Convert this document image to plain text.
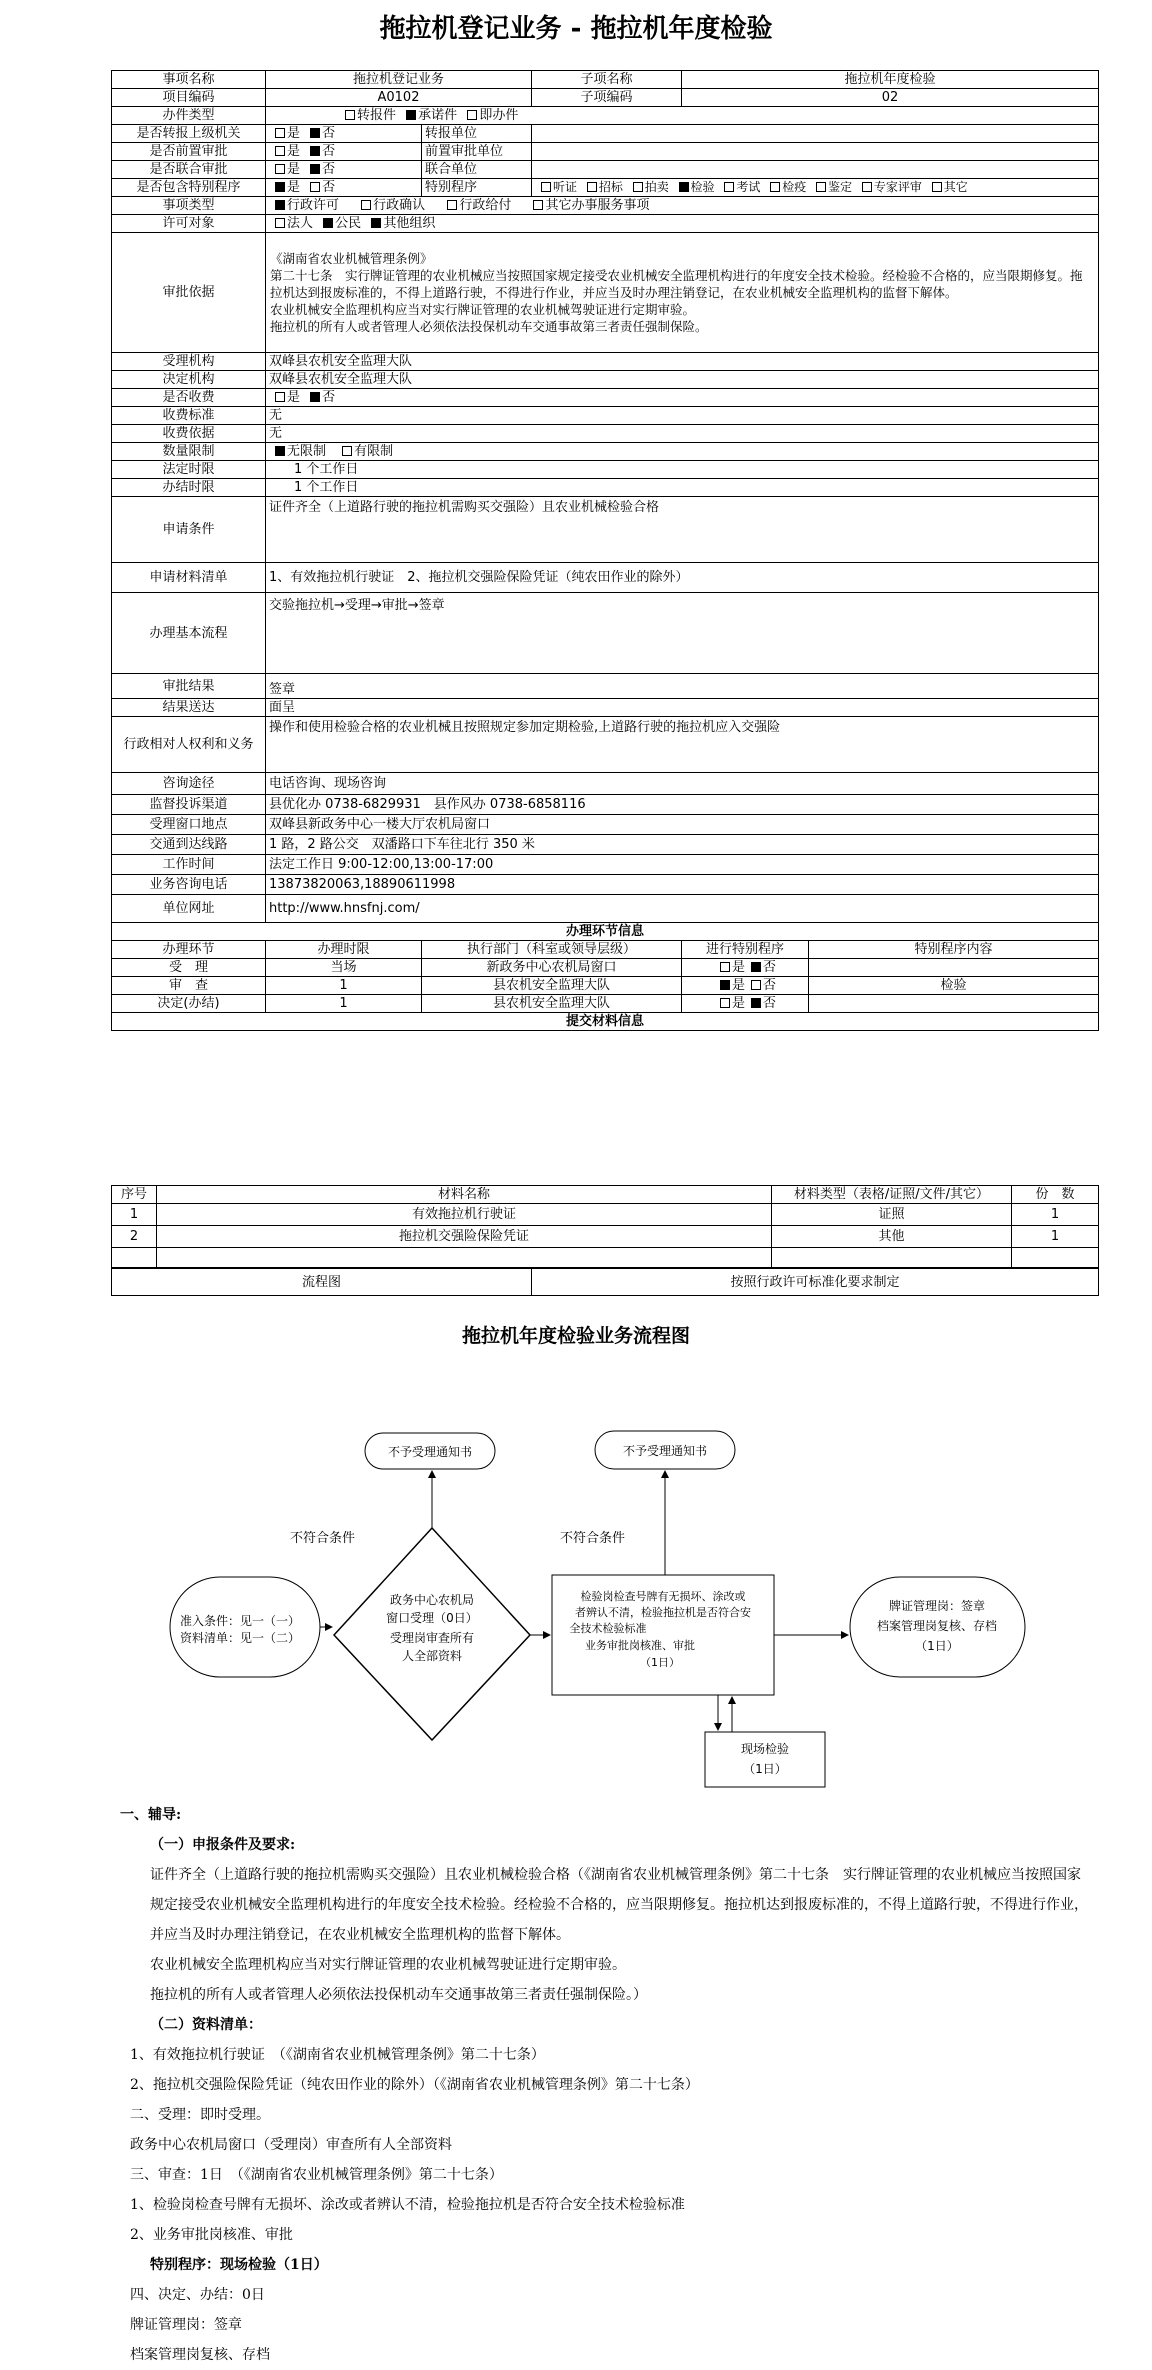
拖拉机登记业务 - 拖拉机年度检验
事项名称	拖拉机登记业务		子项名称	拖拉机年度检验	
项目编码	A0102		子项编码	02	
办件类型	转报件 承诺件 即办件				
是否转报上级机关	是 否	转报单位			
是否前置审批	是 否	前置审批单位			
是否联合审批	是 否	联合单位			
是否包含特别程序	是 否	特别程序	听证 招标 拍卖 检验 考试 检疫 鉴定 专家评审 其它		
事项类型	行政许可 行政确认 行政给付 其它办事服务事项				
许可对象	法人 公民 其他组织				
审批依据	《湖南省农业机械管理条例》
第二十七条　实行牌证管理的农业机械应当按照国家规定接受农业机械安全监理机构进行的年度安全技术检验。经检验不合格的，应当限期修复。拖拉机达到报废标准的，不得上道路行驶，不得进行作业，并应当及时办理注销登记，在农业机械安全监理机构的监督下解体。
农业机械安全监理机构应当对实行牌证管理的农业机械驾驶证进行定期审验。
拖拉机的所有人或者管理人必须依法投保机动车交通事故第三者责任强制保险。				

受理机构	双峰县农机安全监理大队				
决定机构	双峰县农机安全监理大队				
是否收费	是 否				
收费标准	无				
收费依据	无				
数量限制	无限制 有限制				
法定时限	1 个工作日				
办结时限	1 个工作日				
申请条件	证件齐全（上道路行驶的拖拉机需购买交强险）且农业机械检验合格				
申请材料清单	1、有效拖拉机行驶证　2、拖拉机交强险保险凭证（纯农田作业的除外）				
办理基本流程	交验拖拉机→受理→审批→签章				
审批结果	签章				
结果送达	面呈				
行政相对人权利和义务	操作和使用检验合格的农业机械且按照规定参加定期检验,上道路行驶的拖拉机应入交强险				
咨询途径	电话咨询、现场咨询				
监督投诉渠道	县优化办 0738-6829931　县作风办 0738-6858116				
受理窗口地点	双峰县新政务中心一楼大厅农机局窗口				
交通到达线路	1 路，2 路公交　双潘路口下车往北行 350 米				
工作时间	法定工作日 9:00-12:00,13:00-17:00				
业务咨询电话	13873820063,18890611998				
单位网址	http://www.hnsfnj.com/				
办理环节信息					
办理环节	办理时限	执行部门（科室或领导层级）		进行特别程序	特别程序内容
受　理	当场	新政务中心农机局窗口		是 否	
审　查	1	县农机安全监理大队		是 否	检验
决定(办结)	1	县农机安全监理大队		是 否	
提交材料信息					
序号	材料名称	材料类型（表格/证照/文件/其它）	份　数
1	有效拖拉机行驶证	证照	1
2	拖拉机交强险保险凭证	其他	1

流程图	按照行政许可标准化要求制定
拖拉机年度检验业务流程图
不予受理通知书	不予受理通知书
不符合条件	不符合条件
准入条件：见一（一）
资料清单：见一（二）
政务中心农机局
窗口受理（0日）
受理岗审查所有
人全部资料
检验岗检查号牌有无损坏、涂改或
者辨认不清，检验拖拉机是否符合安
全技术检验标准
业务审批岗核准、审批
（1日）
牌证管理岗：签章
档案管理岗复核、存档
（1日）
现场检验
（1日）

一、辅导:

（一）申报条件及要求:

证件齐全（上道路行驶的拖拉机需购买交强险）且农业机械检验合格（《湖南省农业机械管理条例》第二十七条　实行牌证管理的农业机械应当按照国家规定接受农业机械安全监理机构进行的年度安全技术检验。经检验不合格的，应当限期修复。拖拉机达到报废标准的，不得上道路行驶，不得进行作业，并应当及时办理注销登记，在农业机械安全监理机构的监督下解体。

农业机械安全监理机构应当对实行牌证管理的农业机械驾驶证进行定期审验。

拖拉机的所有人或者管理人必须依法投保机动车交通事故第三者责任强制保险。）

（二）资料清单：

1、有效拖拉机行驶证　（《湖南省农业机械管理条例》第二十七条）

2、拖拉机交强险保险凭证（纯农田作业的除外）（《湖南省农业机械管理条例》第二十七条）

二、受理：即时受理。

政务中心农机局窗口（受理岗）审查所有人全部资料

三、审查：1日　（《湖南省农业机械管理条例》第二十七条）

1、检验岗检查号牌有无损坏、涂改或者辨认不清，检验拖拉机是否符合安全技术检验标准

2、业务审批岗核准、审批

特别程序：现场检验（1日）

四、决定、办结：0日

牌证管理岗：签章

档案管理岗复核、存档
